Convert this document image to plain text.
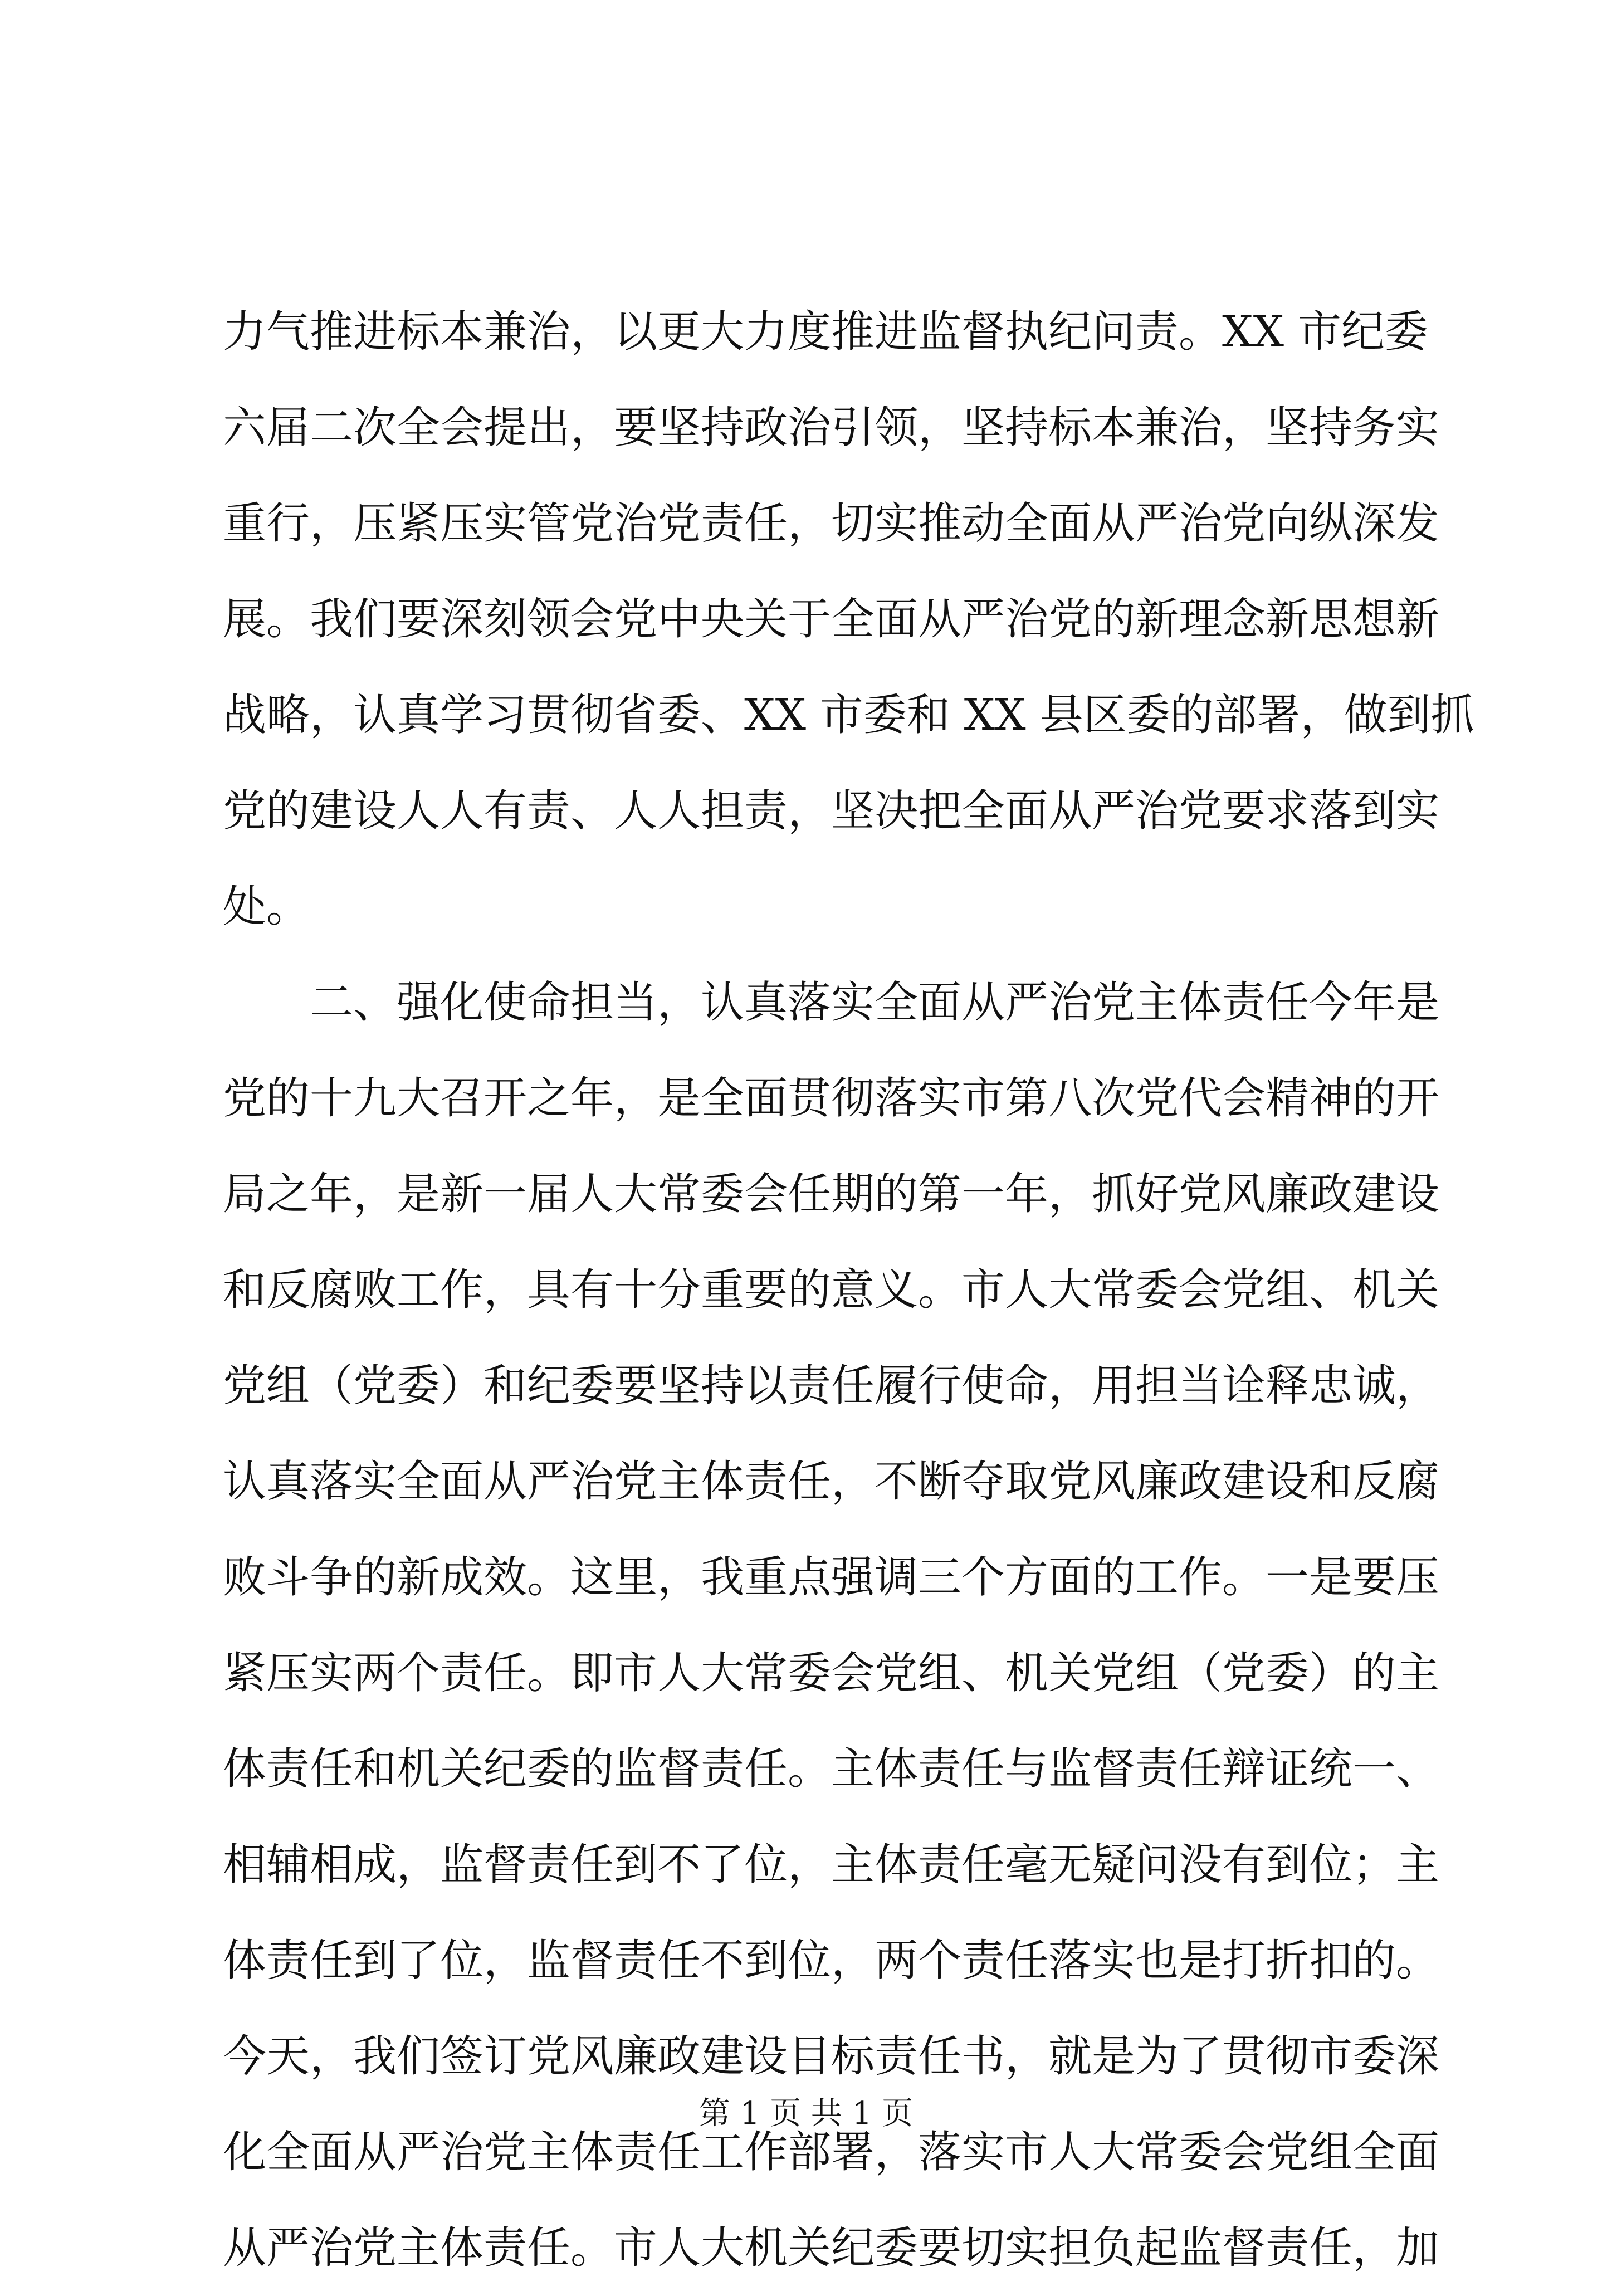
力气推进标本兼治，以更大力度推进监督执纪问责。XX 市纪委
六届二次全会提出，要坚持政治引领，坚持标本兼治，坚持务实
重行，压紧压实管党治党责任，切实推动全面从严治党向纵深发
展。我们要深刻领会党中央关于全面从严治党的新理念新思想新
战略，认真学习贯彻省委、XX 市委和 XX 县区委的部署，做到抓
党的建设人人有责、人人担责，坚决把全面从严治党要求落到实
处。
二、强化使命担当，认真落实全面从严治党主体责任今年是
党的十九大召开之年，是全面贯彻落实市第八次党代会精神的开
局之年，是新一届人大常委会任期的第一年，抓好党风廉政建设
和反腐败工作，具有十分重要的意义。市人大常委会党组、机关
党组（党委）和纪委要坚持以责任履行使命，用担当诠释忠诚，
认真落实全面从严治党主体责任，不断夺取党风廉政建设和反腐
败斗争的新成效。这里，我重点强调三个方面的工作。一是要压
紧压实两个责任。即市人大常委会党组、机关党组（党委）的主
体责任和机关纪委的监督责任。主体责任与监督责任辩证统一、
相辅相成，监督责任到不了位，主体责任毫无疑问没有到位；主
体责任到了位，监督责任不到位，两个责任落实也是打折扣的。
今天，我们签订党风廉政建设目标责任书，就是为了贯彻市委深
化全面从严治党主体责任工作部署，落实市人大常委会党组全面
从严治党主体责任。市人大机关纪委要切实担负起监督责任，加
第 1 页 共 1 页
